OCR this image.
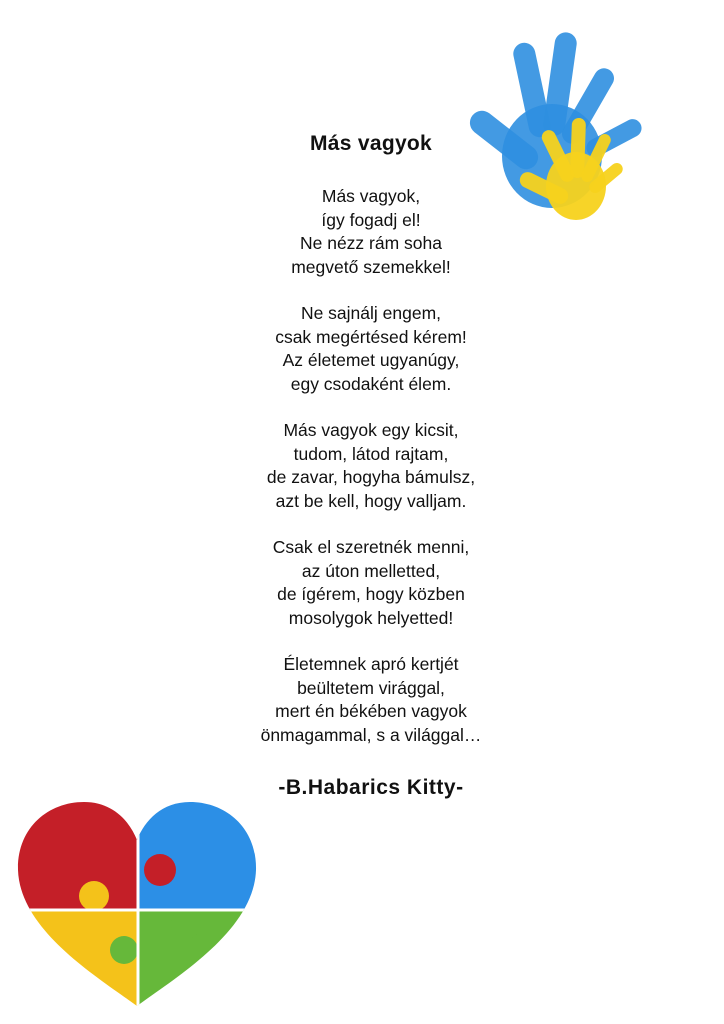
Más vagyok
Más vagyok,
így fogadj el!
Ne nézz rám soha
megvető szemekkel!
Ne sajnálj engem,
csak megértésed kérem!
Az életemet ugyanúgy,
egy csodaként élem.
Más vagyok egy kicsit,
tudom, látod rajtam,
de zavar, hogyha bámulsz,
azt be kell, hogy valljam.
Csak el szeretnék menni,
az úton melletted,
de ígérem, hogy közben
mosolygok helyetted!
Életemnek apró kertjét
beültetem virággal,
mert én békében vagyok
önmagammal, s a világgal…
-B.Habarics Kitty-
